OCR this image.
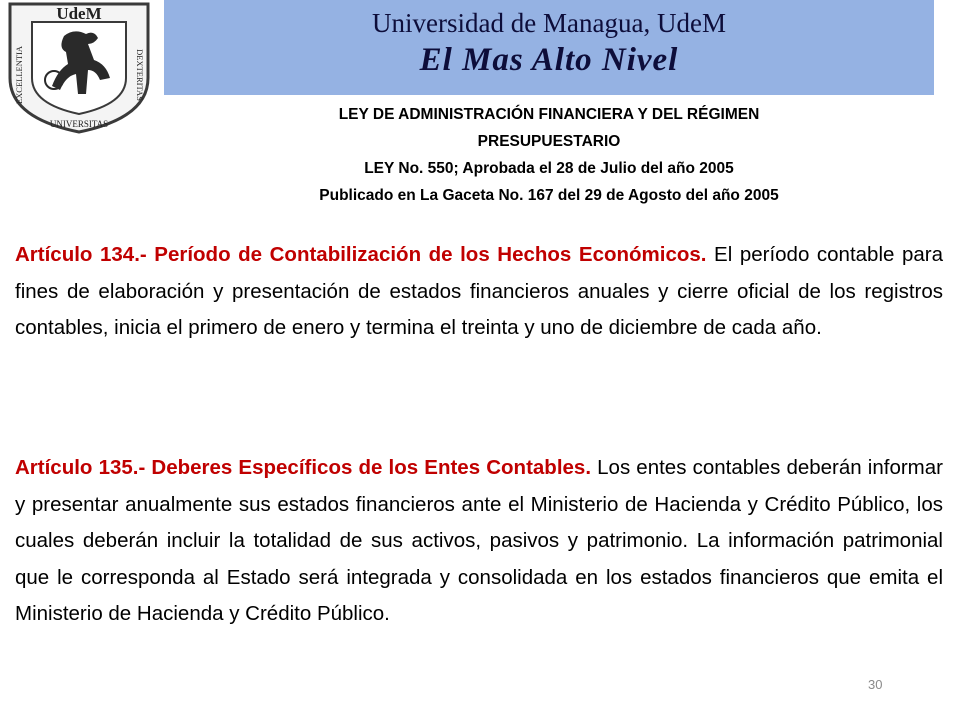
UdeM
EXCELLENTIA	DEXTERITAS
UNIVERSITAS
Universidad de Managua, UdeM
El Mas Alto Nivel
LEY DE ADMINISTRACIÓN FINANCIERA Y DEL RÉGIMEN
PRESUPUESTARIO
LEY No. 550; Aprobada el 28 de Julio del año 2005
Publicado en La Gaceta No. 167 del 29 de Agosto del año 2005
Artículo 134.- Período de Contabilización de los Hechos Económicos. El período contable para fines de elaboración y presentación de estados financieros anuales y cierre oficial de los registros contables, inicia el primero de enero y termina el treinta y uno de diciembre de cada año.
Artículo 135.- Deberes Específicos de los Entes Contables. Los entes contables deberán informar y presentar anualmente sus estados financieros ante el Ministerio de Hacienda y Crédito Público, los cuales deberán incluir la totalidad de sus activos, pasivos y patrimonio. La información patrimonial que le corresponda al Estado será integrada y consolidada en los estados financieros que emita el Ministerio de Hacienda y Crédito Público.
30
